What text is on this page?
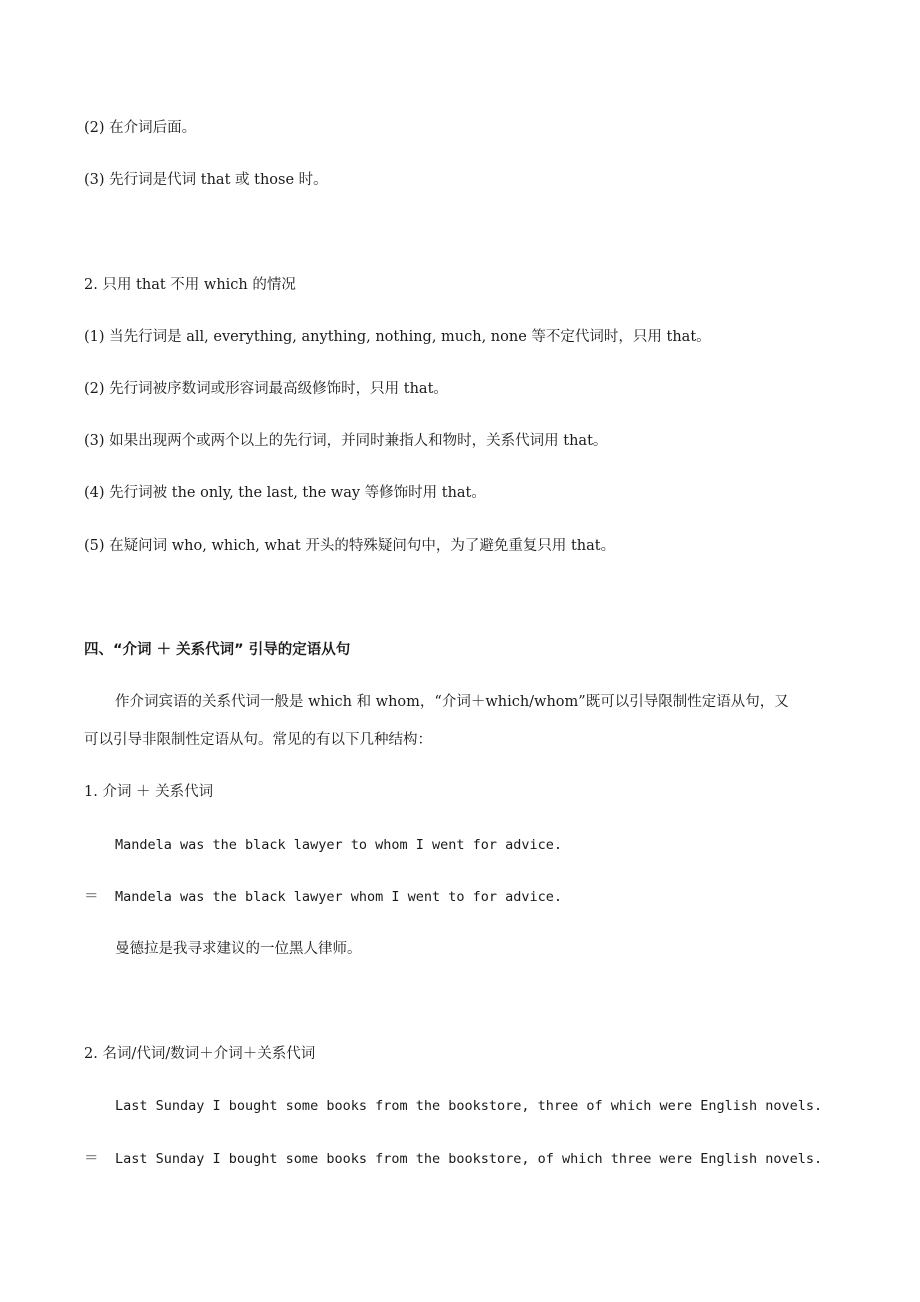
(2) 在介词后面。
(3) 先行词是代词 that 或 those 时。
2. 只用 that 不用 which 的情况
(1) 当先行词是 all, everything, anything, nothing, much, none 等不定代词时，只用 that。
(2) 先行词被序数词或形容词最高级修饰时，只用 that。
(3) 如果出现两个或两个以上的先行词，并同时兼指人和物时，关系代词用 that。
(4) 先行词被 the only, the last, the way 等修饰时用 that。
(5) 在疑问词 who, which, what 开头的特殊疑问句中，为了避免重复只用 that。
四、“介词 ＋ 关系代词” 引导的定语从句
作介词宾语的关系代词一般是 which 和 whom，“介词＋which/whom”既可以引导限制性定语从句，又
可以引导非限制性定语从句。常见的有以下几种结构：
1. 介词 ＋ 关系代词
Mandela was the black lawyer to whom I went for advice.
＝ Mandela was the black lawyer whom I went to for advice.
曼德拉是我寻求建议的一位黑人律师。
2. 名词/代词/数词＋介词＋关系代词
Last Sunday I bought some books from the bookstore, three of which were English novels.
＝ Last Sunday I bought some books from the bookstore, of which three were English novels.
